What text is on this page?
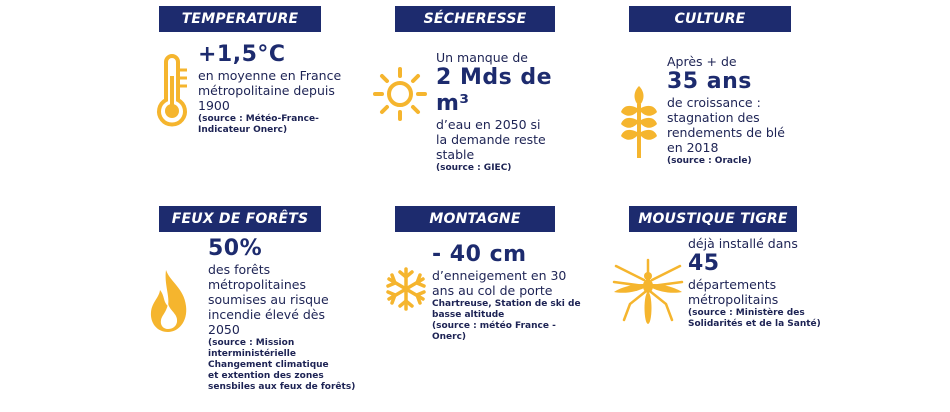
TEMPERATURE
+1,5°C
en moyenne en France
métropolitaine depuis
1900
(source : Météo-France-
Indicateur Onerc)
SÉCHERESSE
Un manque de
2 Mds de m³
d’eau en 2050 si
la demande reste
stable
(source : GIEC)
CULTURE
Après + de
35 ans
de croissance :
stagnation des
rendements de blé
en 2018
(source : Oracle)
FEUX DE FORÊTS
50%
des forêts
métropolitaines
soumises au risque
incendie élevé dès
2050
(source : Mission
interministérielle
Changement climatique
et extention des zones
sensbiles aux feux de forêts)
MONTAGNE
- 40 cm
d’enneigement en 30
ans au col de porte
Chartreuse, Station de ski de
basse altitude
(source : météo France - Onerc)
MOUSTIQUE TIGRE
déjà installé dans
45
départements
métropolitains
(source : Ministère des
Solidarités et de la Santé)
